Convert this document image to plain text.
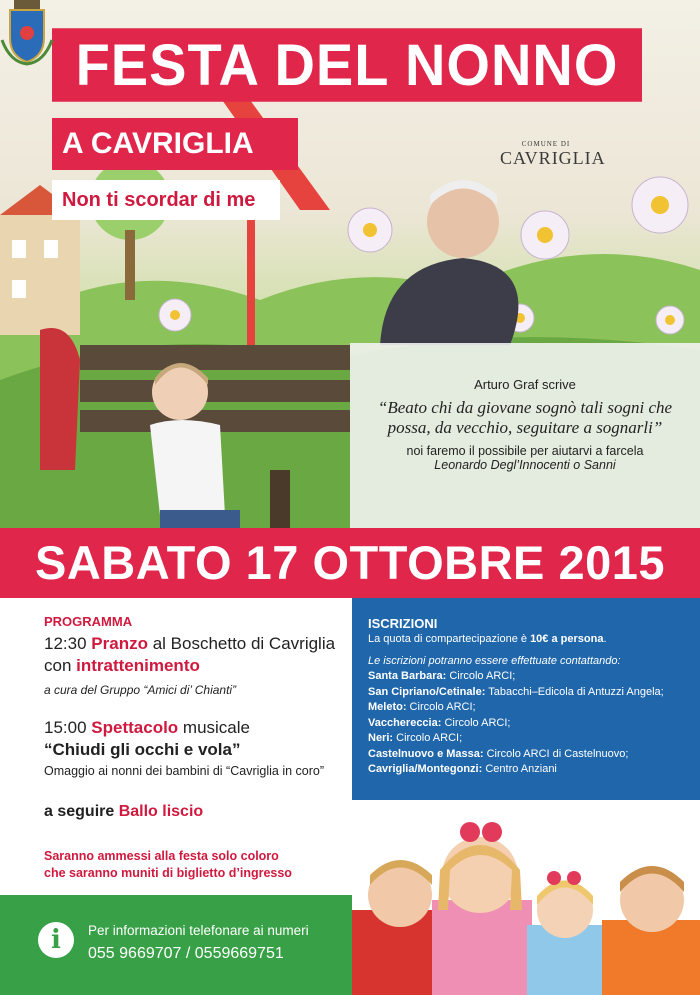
FESTA DEL NONNO
A CAVRIGLIA
Non ti scordar di me
COMUNE DI
CAVRIGLIA
Arturo Graf scrive
“Beato chi da giovane sognò tali sogni che
possa, da vecchio, seguitare a sognarli”
noi faremo il possibile per aiutarvi a farcela
Leonardo Degl’Innocenti o Sanni
SABATO 17 OTTOBRE 2015
PROGRAMMA
12:30 Pranzo al Boschetto di Cavriglia
con intrattenimento
a cura del Gruppo “Amici di’ Chianti”
15:00 Spettacolo musicale
“Chiudi gli occhi e vola”
Omaggio ai nonni dei bambini di “Cavriglia in coro”
a seguire Ballo liscio
Saranno ammessi alla festa solo coloro
che saranno muniti di biglietto d’ingresso
ISCRIZIONI
La quota di compartecipazione è 10€ a persona.
Le iscrizioni potranno essere effettuate contattando:
Santa Barbara: Circolo ARCI;
San Cipriano/Cetinale: Tabacchi–Edicola di Antuzzi Angela;
Meleto: Circolo ARCI;
Vacchereccia: Circolo ARCI;
Neri: Circolo ARCI;
Castelnuovo e Massa: Circolo ARCI di Castelnuovo;
Cavriglia/Montegonzi: Centro Anziani
i	Per informazioni telefonare ai numeri
055 9669707 / 0559669751
